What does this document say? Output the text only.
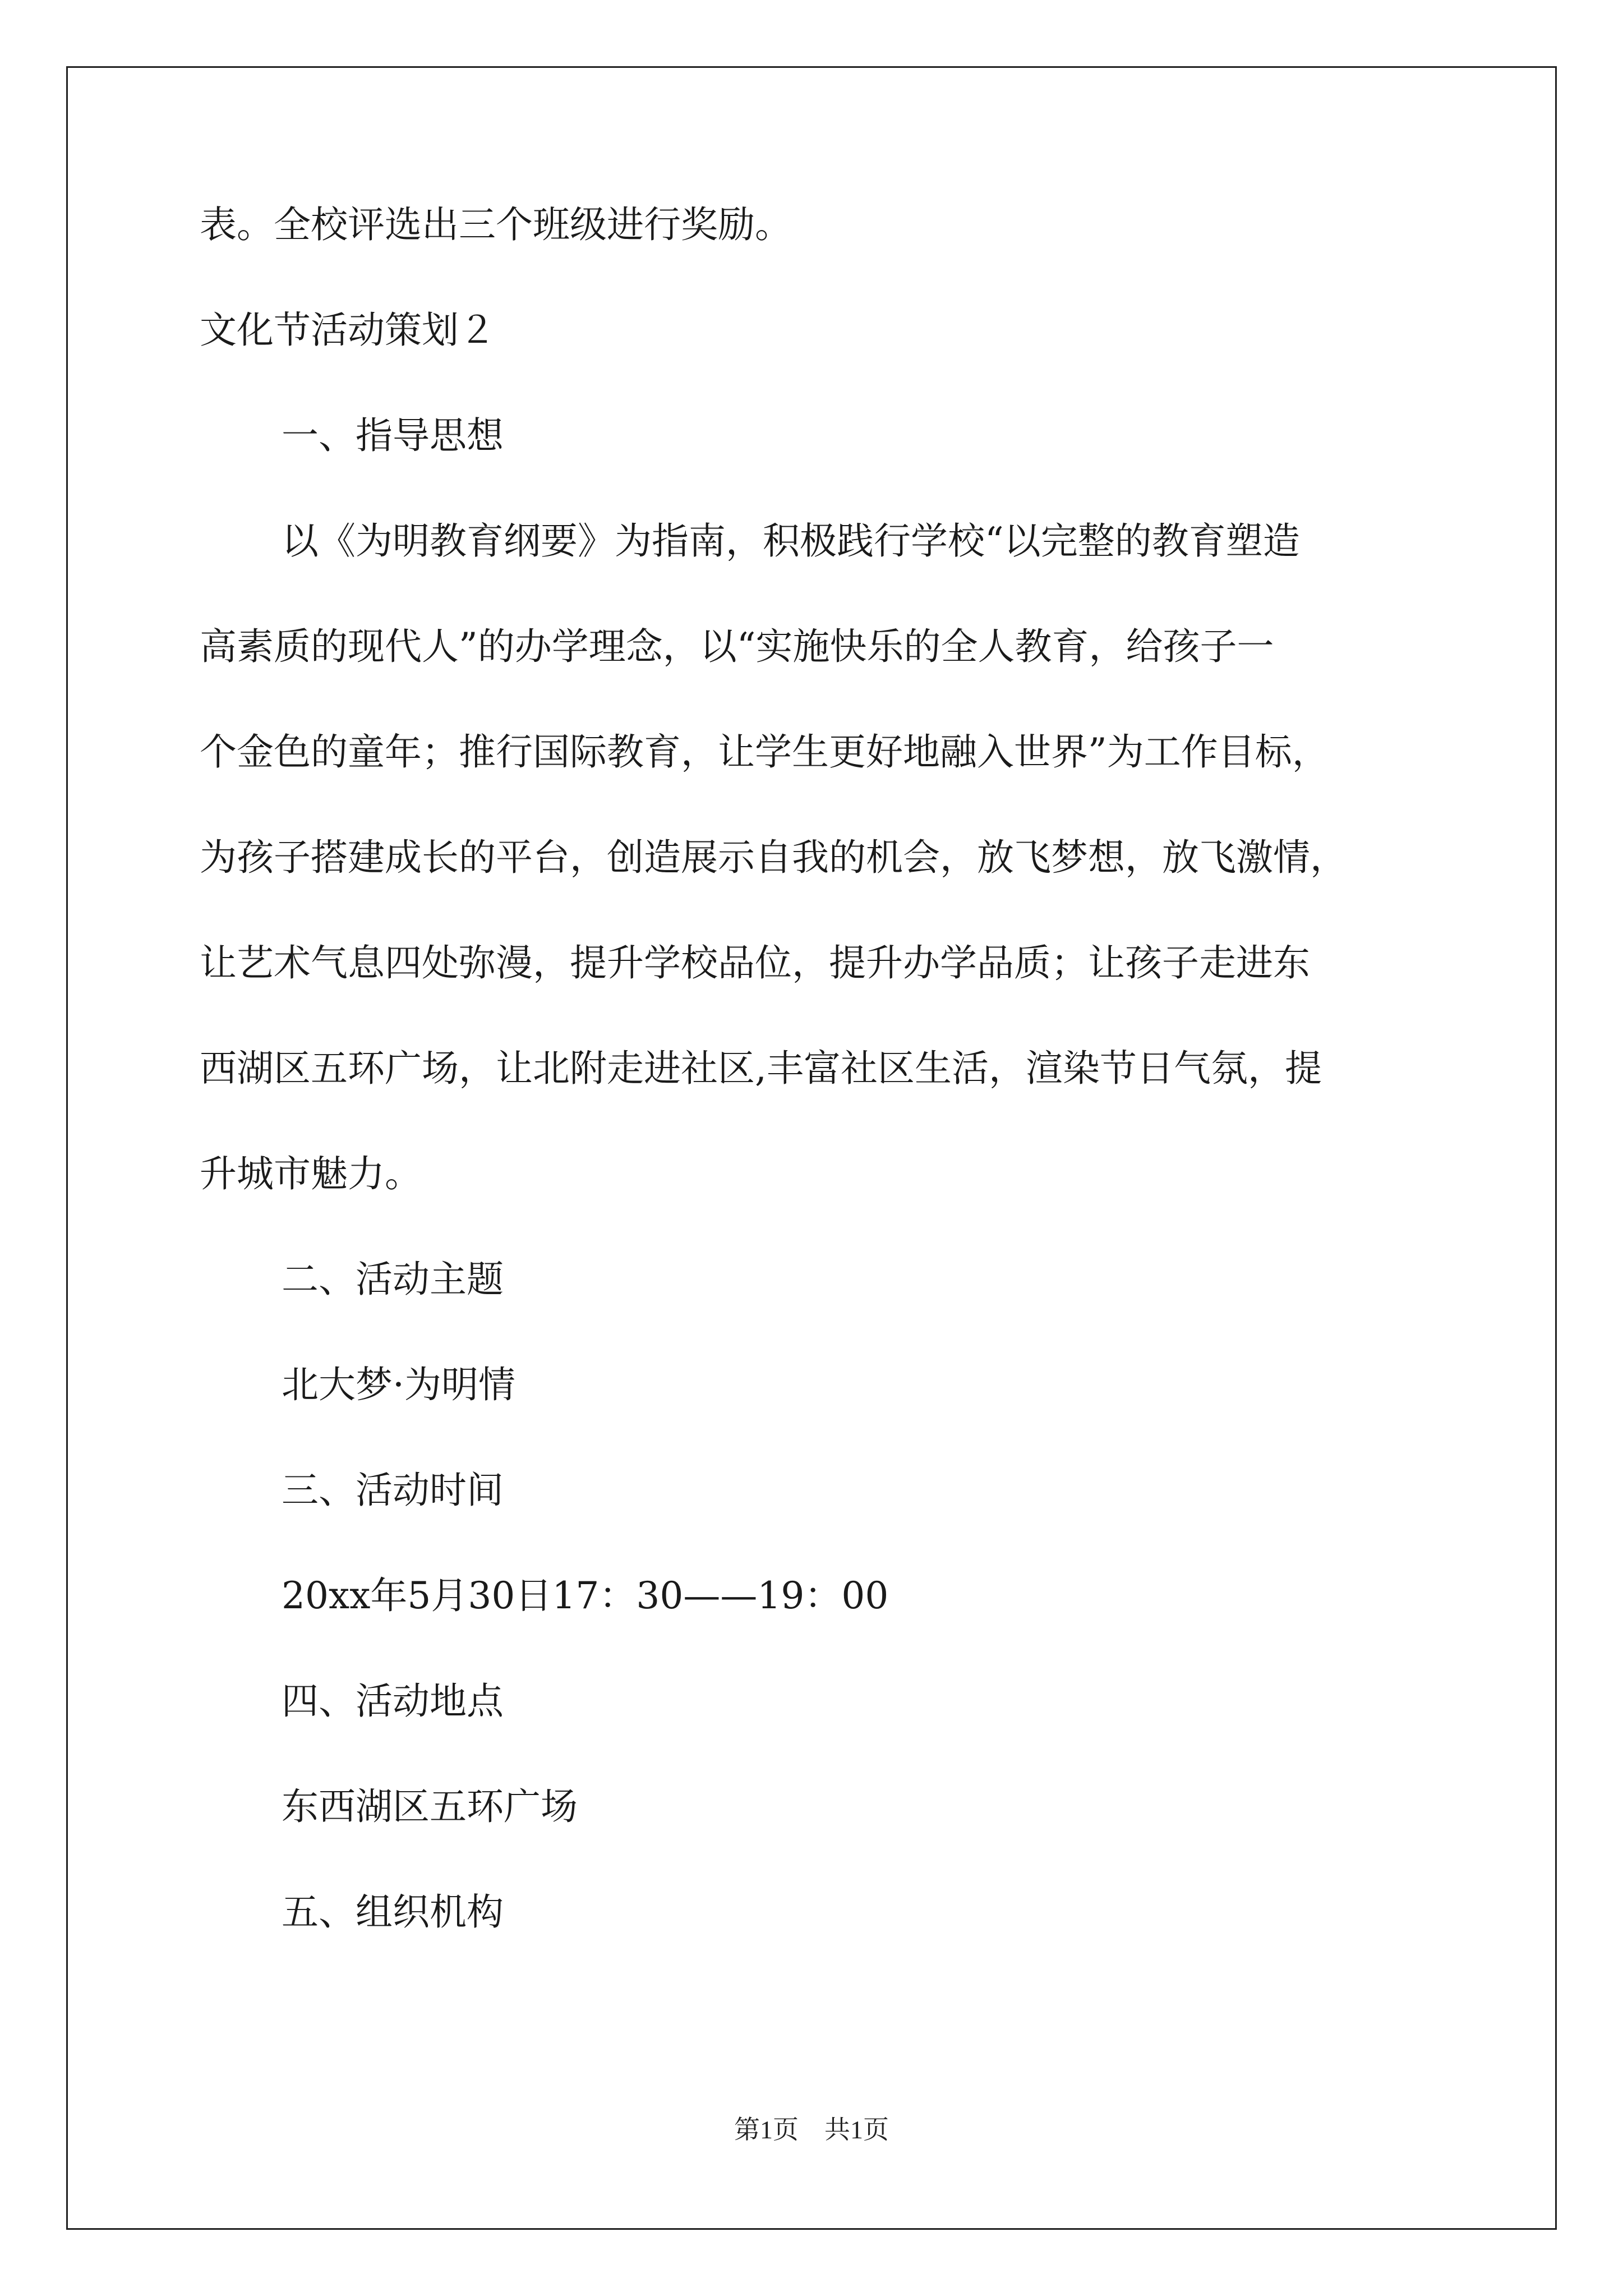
表。全校评选出三个班级进行奖励。
文化节活动策划２
一、指导思想
以《为明教育纲要》为指南，积极践行学校“以完整的教育塑造
高素质的现代人”的办学理念，以“实施快乐的全人教育，给孩子一
个金色的童年；推行国际教育，让学生更好地融入世界”为工作目标，
为孩子搭建成长的平台，创造展示自我的机会，放飞梦想，放飞激情，
让艺术气息四处弥漫，提升学校品位，提升办学品质；让孩子走进东
西湖区五环广场，让北附走进社区,丰富社区生活，渲染节日气氛，提
升城市魅力。
二、活动主题
北大梦·为明情
三、活动时间
20xx年5月30日17：30——19：00
四、活动地点
东西湖区五环广场
五、组织机构
第1页　共1页
